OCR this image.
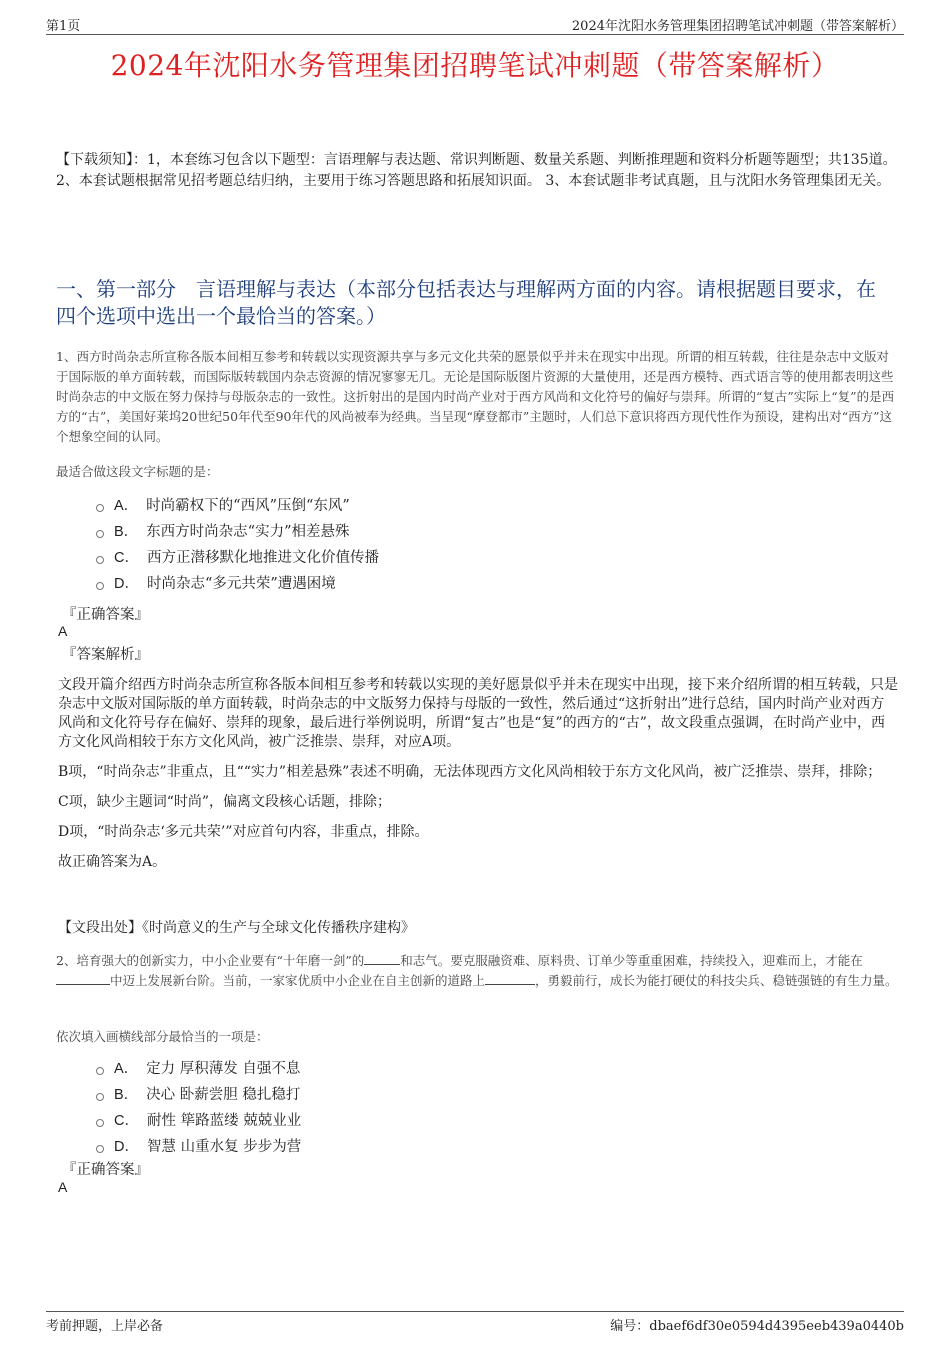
第1页	2024年沈阳水务管理集团招聘笔试冲刺题（带答案解析）
2024年沈阳水务管理集团招聘笔试冲刺题（带答案解析）
【下载须知】：1，本套练习包含以下题型：言语理解与表达题、常识判断题、数量关系题、判断推理题和资料分析题等题型；共135道。 2、本套试题根据常见招考题总结归纳，主要用于练习答题思路和拓展知识面。 3、本套试题非考试真题，且与沈阳水务管理集团无关。
一、第一部分　言语理解与表达（本部分包括表达与理解两方面的内容。请根据题目要求，在四个选项中选出一个最恰当的答案。）
1、西方时尚杂志所宣称各版本间相互参考和转载以实现资源共享与多元文化共荣的愿景似乎并未在现实中出现。所谓的相互转载，往往是杂志中文版对于国际版的单方面转载，而国际版转载国内杂志资源的情况寥寥无几。无论是国际版图片资源的大量使用，还是西方模特、西式语言等的使用都表明这些时尚杂志的中文版在努力保持与母版杂志的一致性。这折射出的是国内时尚产业对于西方风尚和文化符号的偏好与崇拜。所谓的“复古”实际上“复”的是西方的“古”，美国好莱坞20世纪50年代至90年代的风尚被奉为经典。当呈现“摩登都市”主题时，人们总下意识将西方现代性作为预设，建构出对“西方”这个想象空间的认同。
最适合做这段文字标题的是：
A． 时尚霸权下的“西风”压倒“东风”
B． 东西方时尚杂志“实力”相差悬殊
C． 西方正潜移默化地推进文化价值传播
D． 时尚杂志“多元共荣”遭遇困境
『正确答案』
A
『答案解析』

文段开篇介绍西方时尚杂志所宣称各版本间相互参考和转载以实现的美好愿景似乎并未在现实中出现，接下来介绍所谓的相互转载，只是杂志中文版对国际版的单方面转载，时尚杂志的中文版努力保持与母版的一致性，然后通过“这折射出”进行总结，国内时尚产业对西方风尚和文化符号存在偏好、崇拜的现象，最后进行举例说明，所谓“复古”也是“复”的西方的“古”，故文段重点强调，在时尚产业中，西方文化风尚相较于东方文化风尚，被广泛推崇、崇拜，对应A项。

B项，“时尚杂志”非重点，且““实力”相差悬殊”表述不明确，无法体现西方文化风尚相较于东方文化风尚，被广泛推崇、崇拜，排除；

C项，缺少主题词“时尚”，偏离文段核心话题，排除；

D项，“时尚杂志‘多元共荣’”对应首句内容，非重点，排除。

故正确答案为A。

【文段出处】《时尚意义的生产与全球文化传播秩序建构》
2、培育强大的创新实力，中小企业要有“十年磨一剑”的	和志气。要克服融资难、原料贵、订单少等重重困难，持续投入，迎难而上，才能在中迈上发展新台阶。当前，一家家优质中小企业在自主创新的道路上	，勇毅前行，成长为能打硬仗的科技尖兵、稳链强链的有生力量。
依次填入画横线部分最恰当的一项是：
A． 定力 厚积薄发 自强不息
B． 决心 卧薪尝胆 稳扎稳打
C． 耐性 筚路蓝缕 兢兢业业
D． 智慧 山重水复 步步为营
『正确答案』
A
考前押题，上岸必备	编号：dbaef6df30e0594d4395eeb439a0440b
